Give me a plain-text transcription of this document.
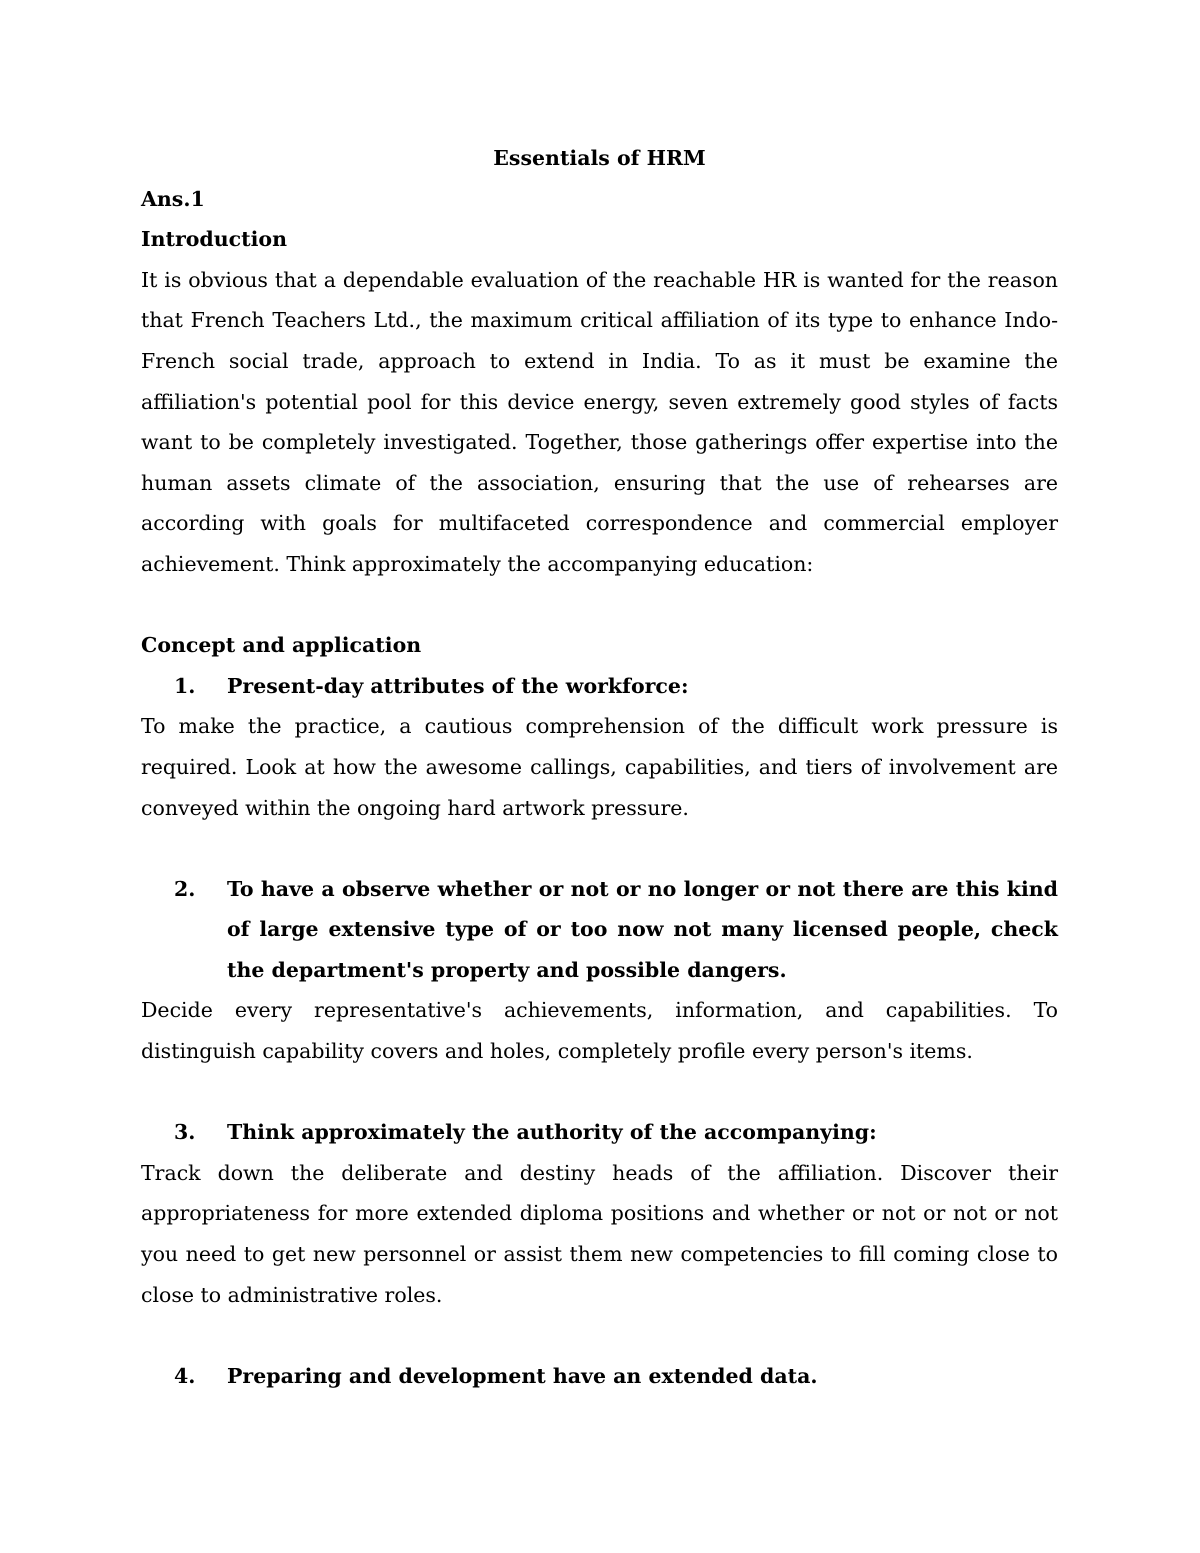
Essentials of HRM

Ans.1

Introduction

It is obvious that a dependable evaluation of the reachable HR is wanted for the reason that French Teachers Ltd., the maximum critical affiliation of its type to enhance Indo-French social trade, approach to extend in India. To as it must be examine the affiliation's potential pool for this device energy, seven extremely good styles of facts want to be completely investigated. Together, those gatherings offer expertise into the human assets climate of the association, ensuring that the use of rehearses are according with goals for multifaceted correspondence and commercial employer achievement. Think approximately the accompanying education:

Concept and application

1.	Present-day attributes of the workforce:

To make the practice, a cautious comprehension of the difficult work pressure is required. Look at how the awesome callings, capabilities, and tiers of involvement are conveyed within the ongoing hard artwork pressure.

2.	To have a observe whether or not or no longer or not there are this kind of large extensive type of or too now not many licensed people, check the department's property and possible dangers.

Decide every representative's achievements, information, and capabilities. To distinguish capability covers and holes, completely profile every person's items.

3.	Think approximately the authority of the accompanying:

Track down the deliberate and destiny heads of the affiliation. Discover their appropriateness for more extended diploma positions and whether or not or not or not you need to get new personnel or assist them new competencies to fill coming close to close to administrative roles.

4.	Preparing and development have an extended data.
